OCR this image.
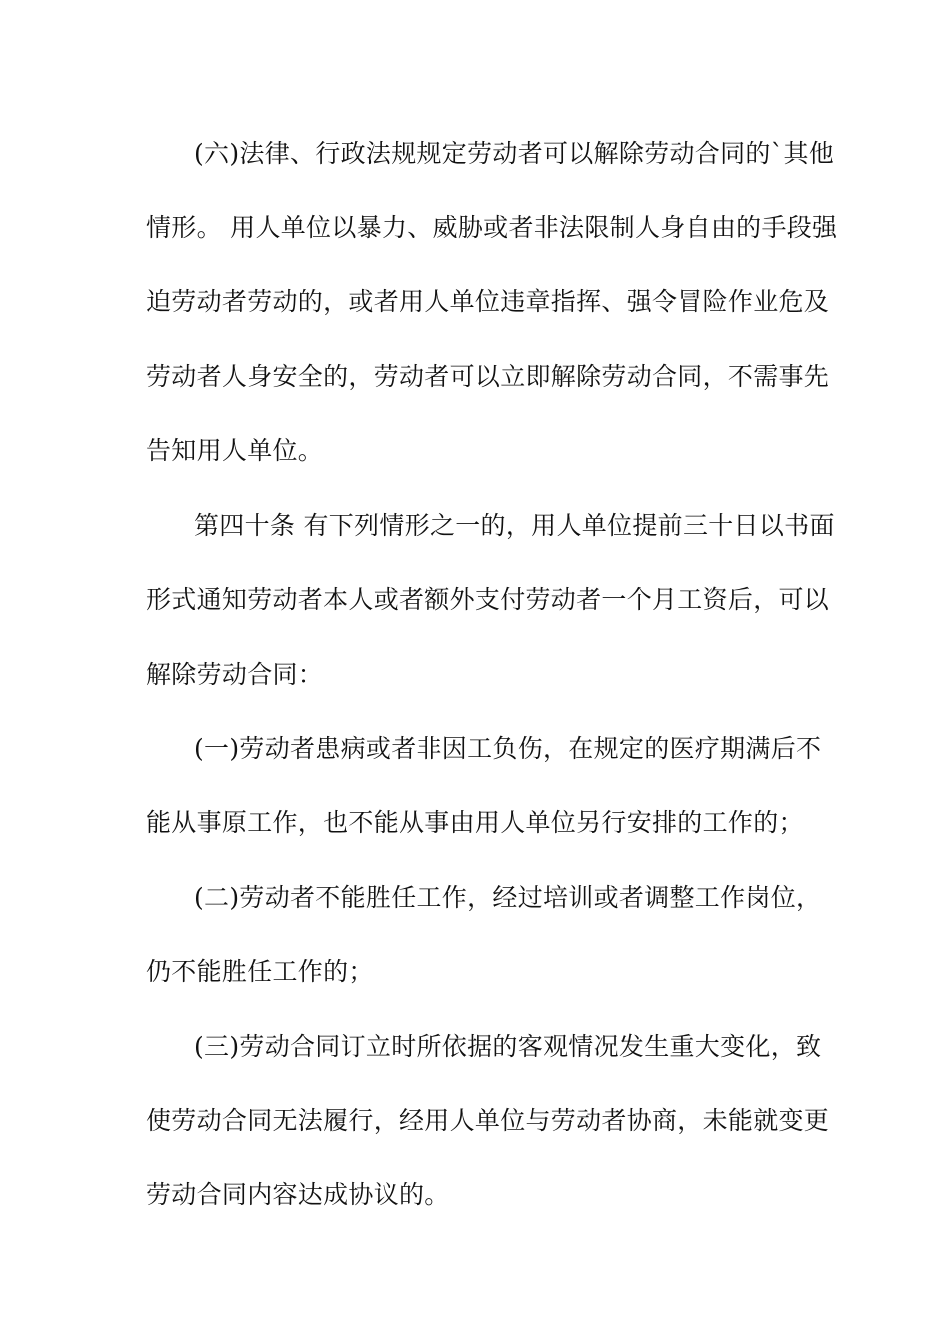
(六)法律、行政法规规定劳动者可以解除劳动合同的`其他
情形。 用人单位以暴力、威胁或者非法限制人身自由的手段强
迫劳动者劳动的，或者用人单位违章指挥、强令冒险作业危及
劳动者人身安全的，劳动者可以立即解除劳动合同，不需事先
告知用人单位。
第四十条 有下列情形之一的，用人单位提前三十日以书面
形式通知劳动者本人或者额外支付劳动者一个月工资后，可以
解除劳动合同：
(一)劳动者患病或者非因工负伤，在规定的医疗期满后不
能从事原工作，也不能从事由用人单位另行安排的工作的；
(二)劳动者不能胜任工作，经过培训或者调整工作岗位，
仍不能胜任工作的；
(三)劳动合同订立时所依据的客观情况发生重大变化，致
使劳动合同无法履行，经用人单位与劳动者协商，未能就变更
劳动合同内容达成协议的。
